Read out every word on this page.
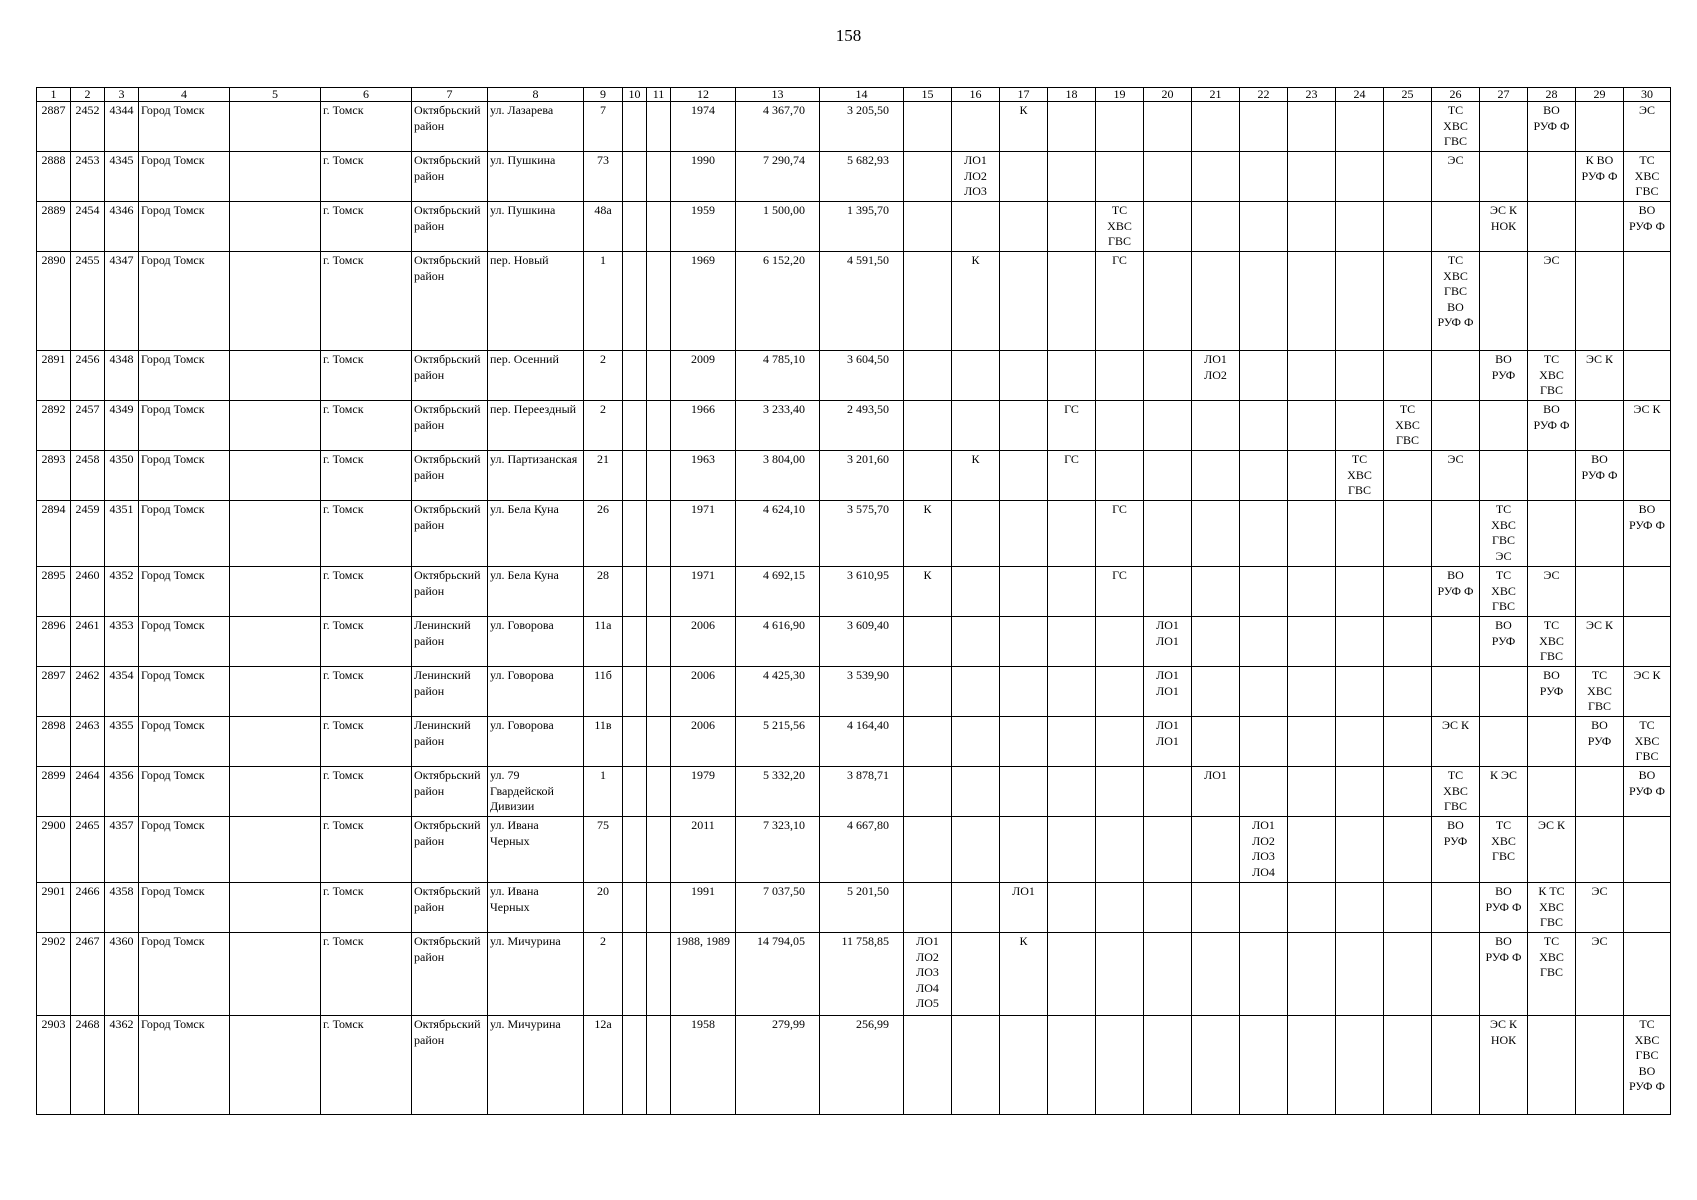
158
1	2	3	4	5	6	7	8	9	10	11	12	13	14	15	16	17	18	19	20	21	22	23	24	25	26	27	28	29	30
2887	2452	4344	Город Томск		г. Томск	Октябрьский район	ул. Лазарева	7			1974	4 367,70	3 205,50			К									ТС
ХВС
ГВС		ВО
РУФ Ф		ЭС
2888	2453	4345	Город Томск		г. Томск	Октябрьский район	ул. Пушкина	73			1990	7 290,74	5 682,93		ЛО1
ЛО2
ЛО3										ЭС			К ВО
РУФ Ф	ТС
ХВС
ГВС
2889	2454	4346	Город Томск		г. Томск	Октябрьский район	ул. Пушкина	48а			1959	1 500,00	1 395,70					ТС
ХВС
ГВС								ЭС К
НОК			ВО
РУФ Ф
2890	2455	4347	Город Томск		г. Томск	Октябрьский район	пер. Новый	1			1969	6 152,20	4 591,50		К			ГС							ТС
ХВС
ГВС
ВО
РУФ Ф		ЭС		
2891	2456	4348	Город Томск		г. Томск	Октябрьский район	пер. Осенний	2			2009	4 785,10	3 604,50							ЛО1
ЛО2						ВО
РУФ	ТС
ХВС
ГВС	ЭС К	
2892	2457	4349	Город Томск		г. Томск	Октябрьский район	пер. Переездный	2			1966	3 233,40	2 493,50				ГС							ТС
ХВС
ГВС			ВО
РУФ Ф		ЭС К
2893	2458	4350	Город Томск		г. Томск	Октябрьский район	ул. Партизанская	21			1963	3 804,00	3 201,60		К		ГС						ТС
ХВС
ГВС		ЭС			ВО
РУФ Ф	
2894	2459	4351	Город Томск		г. Томск	Октябрьский район	ул. Бела Куна	26			1971	4 624,10	3 575,70	К				ГС								ТС
ХВС
ГВС
ЭС			ВО
РУФ Ф
2895	2460	4352	Город Томск		г. Томск	Октябрьский район	ул. Бела Куна	28			1971	4 692,15	3 610,95	К				ГС							ВО
РУФ Ф	ТС
ХВС
ГВС	ЭС		
2896	2461	4353	Город Томск		г. Томск	Ленинский район	ул. Говорова	11а			2006	4 616,90	3 609,40						ЛО1
ЛО1							ВО
РУФ	ТС
ХВС
ГВС	ЭС К	
2897	2462	4354	Город Томск		г. Томск	Ленинский район	ул. Говорова	11б			2006	4 425,30	3 539,90						ЛО1
ЛО1								ВО
РУФ	ТС
ХВС
ГВС	ЭС К
2898	2463	4355	Город Томск		г. Томск	Ленинский район	ул. Говорова	11в			2006	5 215,56	4 164,40						ЛО1
ЛО1						ЭС К			ВО
РУФ	ТС
ХВС
ГВС
2899	2464	4356	Город Томск		г. Томск	Октябрьский район	ул. 79 Гвардейской Дивизии	1			1979	5 332,20	3 878,71							ЛО1					ТС
ХВС
ГВС	К ЭС			ВО
РУФ Ф
2900	2465	4357	Город Томск		г. Томск	Октябрьский район	ул. Ивана Черных	75			2011	7 323,10	4 667,80								ЛО1
ЛО2
ЛО3
ЛО4				ВО
РУФ	ТС
ХВС
ГВС	ЭС К		
2901	2466	4358	Город Томск		г. Томск	Октябрьский район	ул. Ивана Черных	20			1991	7 037,50	5 201,50			ЛО1										ВО
РУФ Ф	К ТС
ХВС
ГВС	ЭС	
2902	2467	4360	Город Томск		г. Томск	Октябрьский район	ул. Мичурина	2			1988, 1989	14 794,05	11 758,85	ЛО1
ЛО2
ЛО3
ЛО4
ЛО5		К										ВО
РУФ Ф	ТС
ХВС
ГВС	ЭС	
2903	2468	4362	Город Томск		г. Томск	Октябрьский район	ул. Мичурина	12а			1958	279,99	256,99													ЭС К
НОК			ТС
ХВС
ГВС
ВО
РУФ Ф
